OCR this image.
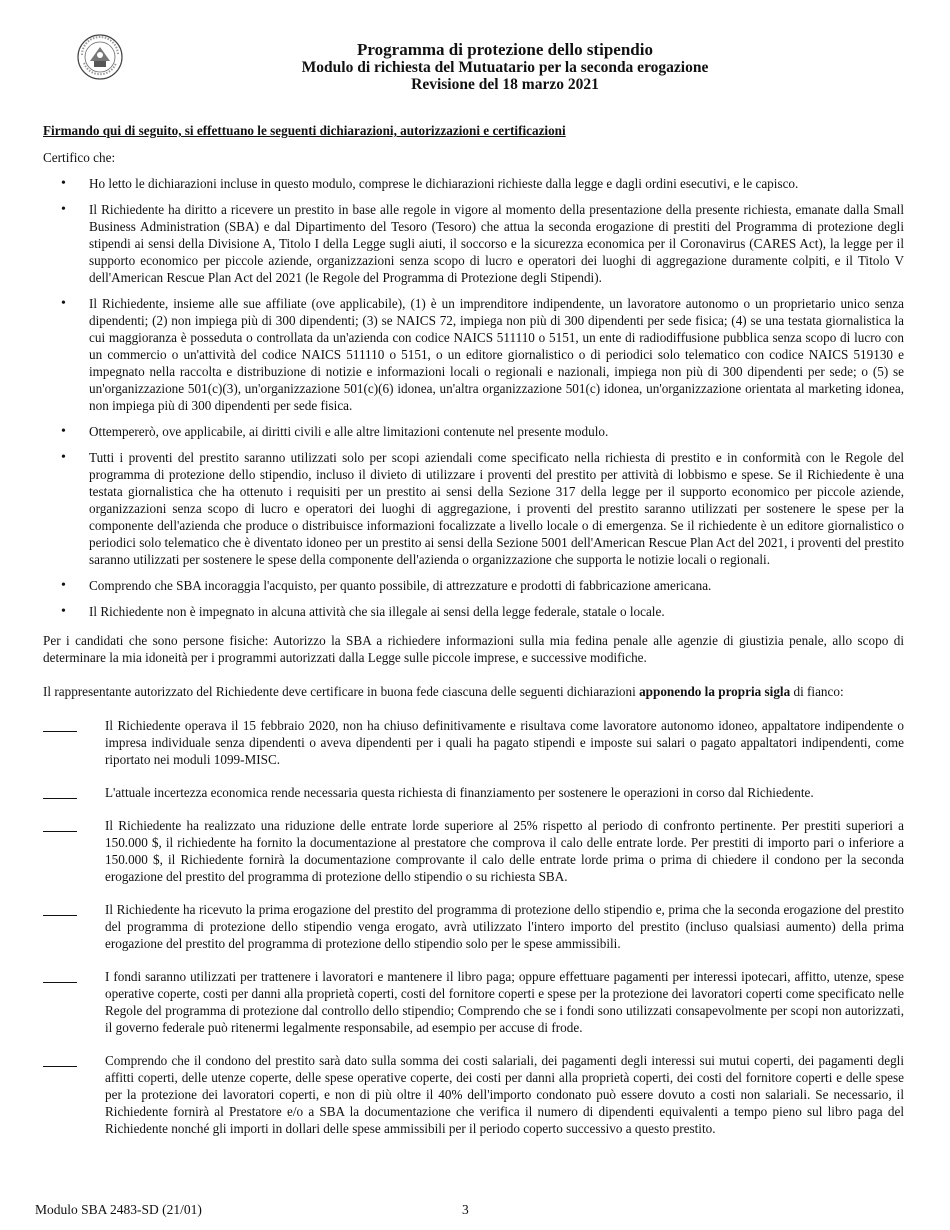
Programma di protezione dello stipendio
Modulo di richiesta del Mutuatario per la seconda erogazione
Revisione del 18 marzo 2021

Firmando qui di seguito, si effettuano le seguenti dichiarazioni, autorizzazioni e certificazioni

Certifico che:

• Ho letto le dichiarazioni incluse in questo modulo, comprese le dichiarazioni richieste dalla legge e dagli ordini esecutivi, e le capisco.
• Il Richiedente ha diritto a ricevere un prestito in base alle regole in vigore al momento della presentazione della presente richiesta, emanate dalla Small Business Administration (SBA) e dal Dipartimento del Tesoro (Tesoro) che attua la seconda erogazione di prestiti del Programma di protezione degli stipendi ai sensi della Divisione A, Titolo I della Legge sugli aiuti, il soccorso e la sicurezza economica per il Coronavirus (CARES Act), la legge per il supporto economico per piccole aziende, organizzazioni senza scopo di lucro e operatori dei luoghi di aggregazione duramente colpiti, e il Titolo V dell'American Rescue Plan Act del 2021 (le Regole del Programma di Protezione degli Stipendi).
• Il Richiedente, insieme alle sue affiliate (ove applicabile), (1) è un imprenditore indipendente, un lavoratore autonomo o un proprietario unico senza dipendenti; (2) non impiega più di 300 dipendenti; (3) se NAICS 72, impiega non più di 300 dipendenti per sede fisica; (4) se una testata giornalistica la cui maggioranza è posseduta o controllata da un'azienda con codice NAICS 511110 o 5151, un ente di radiodiffusione pubblica senza scopo di lucro con un commercio o un'attività del codice NAICS 511110 o 5151, o un editore giornalistico o di periodici solo telematico con codice NAICS 519130 e impegnato nella raccolta e distribuzione di notizie e informazioni locali o regionali e nazionali, impiega non più di 300 dipendenti per sede; o (5) se un'organizzazione 501(c)(3), un'organizzazione 501(c)(6) idonea, un'altra organizzazione 501(c) idonea, un'organizzazione orientata al marketing idonea, non impiega più di 300 dipendenti per sede fisica.
• Ottempererò, ove applicabile, ai diritti civili e alle altre limitazioni contenute nel presente modulo.
• Tutti i proventi del prestito saranno utilizzati solo per scopi aziendali come specificato nella richiesta di prestito e in conformità con le Regole del programma di protezione dello stipendio, incluso il divieto di utilizzare i proventi del prestito per attività di lobbismo e spese. Se il Richiedente è una testata giornalistica che ha ottenuto i requisiti per un prestito ai sensi della Sezione 317 della legge per il supporto economico per piccole aziende, organizzazioni senza scopo di lucro e operatori dei luoghi di aggregazione, i proventi del prestito saranno utilizzati per sostenere le spese per la componente dell'azienda che produce o distribuisce informazioni focalizzate a livello locale o di emergenza. Se il richiedente è un editore giornalistico o periodici solo telematico che è diventato idoneo per un prestito ai sensi della Sezione 5001 dell'American Rescue Plan Act del 2021, i proventi del prestito saranno utilizzati per sostenere le spese della componente dell'azienda o organizzazione che supporta le notizie locali o regionali.
• Comprendo che SBA incoraggia l'acquisto, per quanto possibile, di attrezzature e prodotti di fabbricazione americana.
• Il Richiedente non è impegnato in alcuna attività che sia illegale ai sensi della legge federale, statale o locale.

Per i candidati che sono persone fisiche: Autorizzo la SBA a richiedere informazioni sulla mia fedina penale alle agenzie di giustizia penale, allo scopo di determinare la mia idoneità per i programmi autorizzati dalla Legge sulle piccole imprese, e successive modifiche.

Il rappresentante autorizzato del Richiedente deve certificare in buona fede ciascuna delle seguenti dichiarazioni apponendo la propria sigla di fianco:

Il Richiedente operava il 15 febbraio 2020, non ha chiuso definitivamente e risultava come lavoratore autonomo idoneo, appaltatore indipendente o impresa individuale senza dipendenti o aveva dipendenti per i quali ha pagato stipendi e imposte sui salari o pagato appaltatori indipendenti, come riportato nei moduli 1099-MISC.
L'attuale incertezza economica rende necessaria questa richiesta di finanziamento per sostenere le operazioni in corso dal Richiedente.
Il Richiedente ha realizzato una riduzione delle entrate lorde superiore al 25% rispetto al periodo di confronto pertinente. Per prestiti superiori a 150.000 $, il richiedente ha fornito la documentazione al prestatore che comprova il calo delle entrate lorde. Per prestiti di importo pari o inferiore a 150.000 $, il Richiedente fornirà la documentazione comprovante il calo delle entrate lorde prima o prima di chiedere il condono per la seconda erogazione del prestito del programma di protezione dello stipendio o su richiesta SBA.
Il Richiedente ha ricevuto la prima erogazione del prestito del programma di protezione dello stipendio e, prima che la seconda erogazione del prestito del programma di protezione dello stipendio venga erogato, avrà utilizzato l'intero importo del prestito (incluso qualsiasi aumento) della prima erogazione del prestito del programma di protezione dello stipendio solo per le spese ammissibili.
I fondi saranno utilizzati per trattenere i lavoratori e mantenere il libro paga; oppure effettuare pagamenti per interessi ipotecari, affitto, utenze, spese operative coperte, costi per danni alla proprietà coperti, costi del fornitore coperti e spese per la protezione dei lavoratori coperti come specificato nelle Regole del programma di protezione dal controllo dello stipendio; Comprendo che se i fondi sono utilizzati consapevolmente per scopi non autorizzati, il governo federale può ritenermi legalmente responsabile, ad esempio per accuse di frode.
Comprendo che il condono del prestito sarà dato sulla somma dei costi salariali, dei pagamenti degli interessi sui mutui coperti, dei pagamenti degli affitti coperti, delle utenze coperte, delle spese operative coperte, dei costi per danni alla proprietà coperti, dei costi del fornitore coperti e delle spese per la protezione dei lavoratori coperti, e non di più oltre il 40% dell'importo condonato può essere dovuto a costi non salariali. Se necessario, il Richiedente fornirà al Prestatore e/o a SBA la documentazione che verifica il numero di dipendenti equivalenti a tempo pieno sul libro paga del Richiedente nonché gli importi in dollari delle spese ammissibili per il periodo coperto successivo a questo prestito.
Modulo SBA 2483-SD (21/01)	3
